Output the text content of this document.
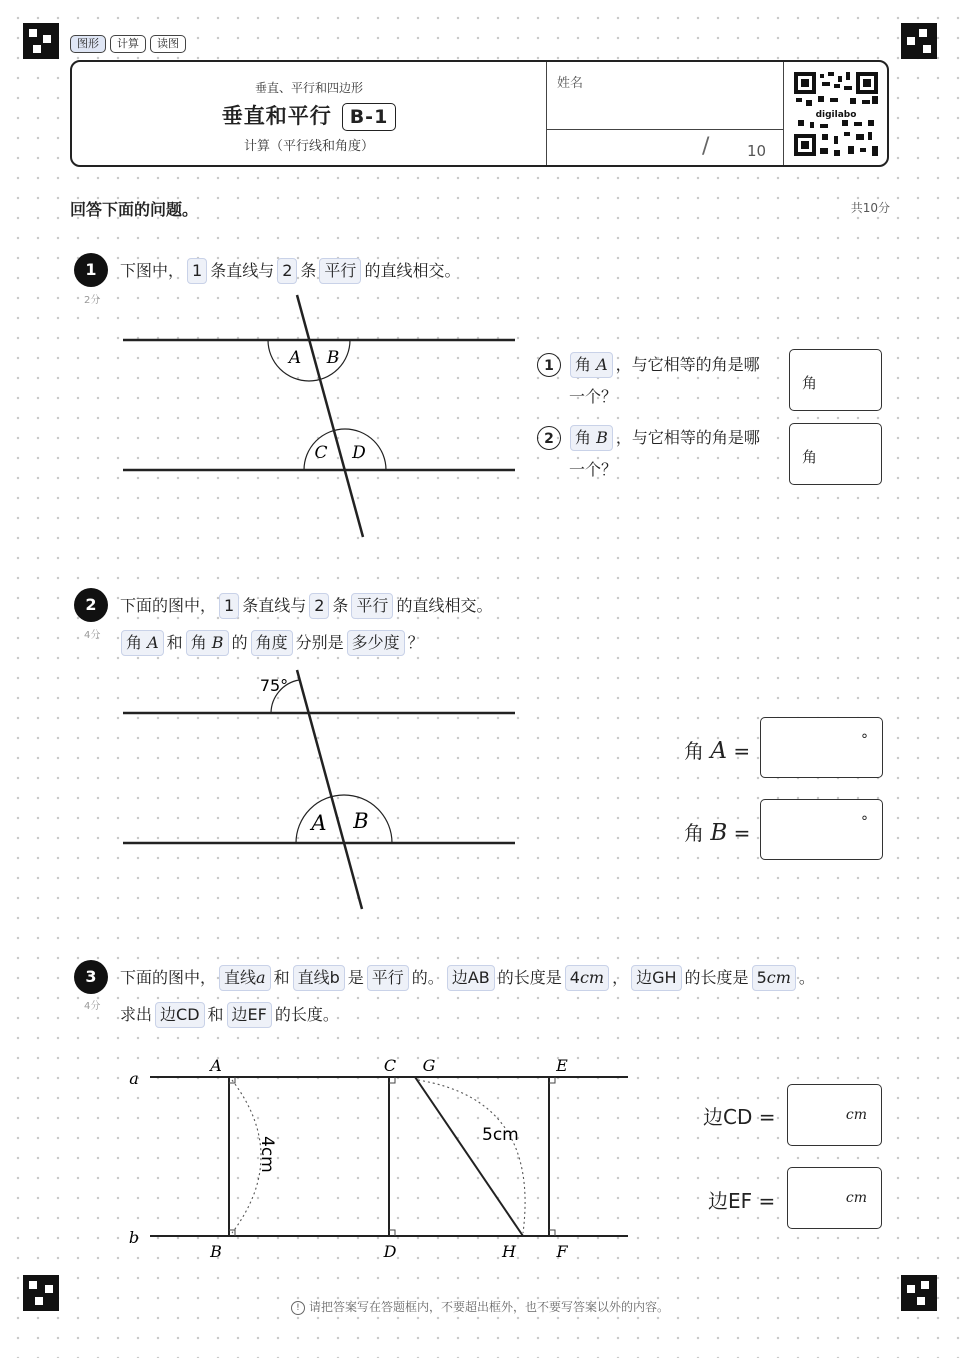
图形	计算	读图
垂直、平行和四边形
垂直和平行 B-1
计算（平行线和角度）
姓名
/	10
digilabo
回答下面的问题。	共10分
1
2分
下图中， 1 条直线与 2 条 平行 的直线相交。
A B
C D
1 角 A ，与它相等的角是哪
一个？
角
2 角 B ，与它相等的角是哪
一个？
角
2
4分
下面的图中， 1 条直线与 2 条 平行 的直线相交。
角 A 和 角 B 的 角度 分别是 多少度 ？
75°
A B
角 A =	°
角 B =	°
3
4分
下面的图中， 直线a 和 直线b 是 平行 的。 边AB 的长度是 4cm ， 边GH 的长度是 5cm 。
求出 边CD 和 边EF 的长度。
4cm
5cm
A	C G	E
B	D	H	F
a
b
边CD =	cm
边EF =	cm
! 请把答案写在答题框内，不要超出框外，也不要写答案以外的内容。
